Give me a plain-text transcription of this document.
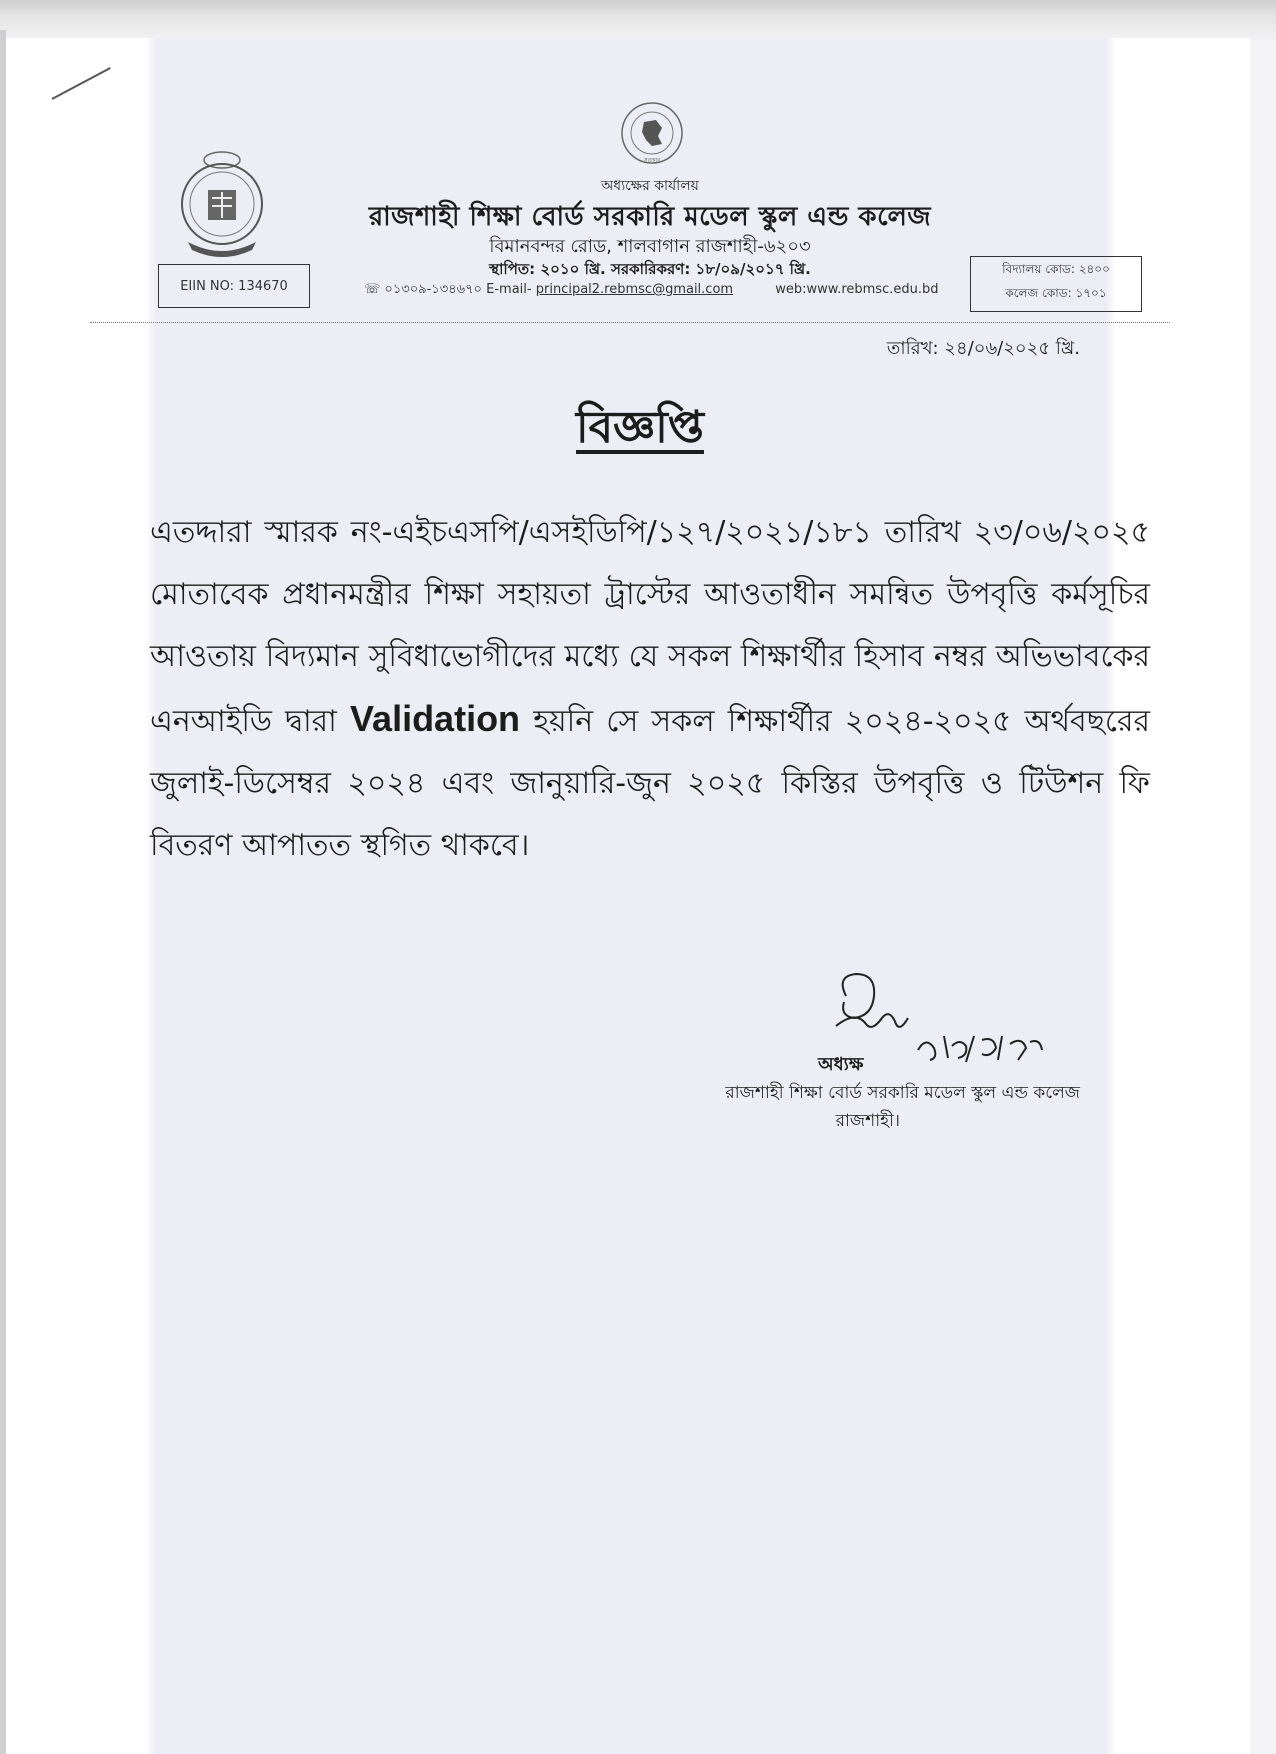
সরকার
অধ্যক্ষের কার্যালয়
রাজশাহী শিক্ষা বোর্ড সরকারি মডেল স্কুল এন্ড কলেজ
বিমানবন্দর রোড, শালবাগান রাজশাহী-৬২০৩
স্থাপিত: ২০১০ খ্রি. সরকারিকরণ: ১৮/০৯/২০১৭ খ্রি.
☏ ০১৩০৯-১৩৪৬৭০ E-mail- principal2.rebmsc@gmail.com	web:www.rebmsc.edu.bd
EIIN NO: 134670
বিদ্যালয় কোড: ২৪০০
কলেজ কোড: ১৭০১
তারিখ: ২৪/০৬/২০২৫ খ্রি.
বিজ্ঞপ্তি
এতদ্দারা স্মারক নং-এইচএসপি/এসইডিপি/১২৭/২০২১/১৮১ তারিখ ২৩/০৬/২০২৫ মোতাবেক প্রধানমন্ত্রীর শিক্ষা সহায়তা ট্রাস্টের আওতাধীন সমন্বিত উপবৃত্তি কর্মসূচির আওতায় বিদ্যমান সুবিধাভোগীদের মধ্যে যে সকল শিক্ষার্থীর হিসাব নম্বর অভিভাবকের এনআইডি দ্বারা Validation হয়নি সে সকল শিক্ষার্থীর ২০২৪-২০২৫ অর্থবছরের জুলাই-ডিসেম্বর ২০২৪ এবং জানুয়ারি-জুন ২০২৫ কিস্তির উপবৃত্তি ও টিউশন ফি বিতরণ আপাতত স্থগিত থাকবে।
অধ্যক্ষ
রাজশাহী শিক্ষা বোর্ড সরকারি মডেল স্কুল এন্ড কলেজ
রাজশাহী।
